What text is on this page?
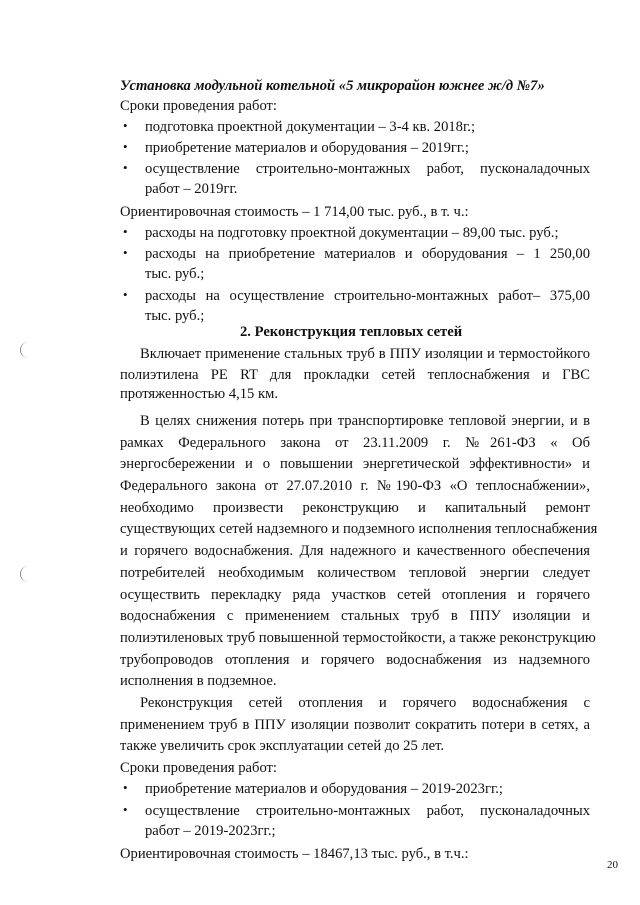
Установка модульной котельной «5 микрорайон южнее ж/д №7»
Сроки проведения работ:
• подготовка проектной документации – 3-4 кв. 2018г.;
• приобретение материалов и оборудования – 2019гг.;
• осуществление строительно-монтажных работ, пусконаладочных
работ – 2019гг.
Ориентировочная стоимость – 1 714,00 тыс. руб., в т. ч.:
• расходы на подготовку проектной документации – 89,00 тыс. руб.;
• расходы на приобретение материалов и оборудования – 1 250,00
тыс. руб.;
• расходы на осуществление строительно-монтажных работ– 375,00
тыс. руб.;
2. Реконструкция тепловых сетей
Включает применение стальных труб в ППУ изоляции и термостойкого
полиэтилена PE RT для прокладки сетей теплоснабжения и ГВС
протяженностью 4,15 км.
В целях снижения потерь при транспортировке тепловой энергии, и в
рамках Федерального закона от 23.11.2009 г. №261-ФЗ « Об
энергосбережении и о повышении энергетической эффективности» и
Федерального закона от 27.07.2010 г. №190-ФЗ «О теплоснабжении»,
необходимо произвести реконструкцию и капитальный ремонт
существующих сетей надземного и подземного исполнения теплоснабжения
и горячего водоснабжения. Для надежного и качественного обеспечения
потребителей необходимым количеством тепловой энергии следует
осуществить перекладку ряда участков сетей отопления и горячего
водоснабжения с применением стальных труб в ППУ изоляции и
полиэтиленовых труб повышенной термостойкости, а также реконструкцию
трубопроводов отопления и горячего водоснабжения из надземного
исполнения в подземное.
Реконструкция сетей отопления и горячего водоснабжения с
применением труб в ППУ изоляции позволит сократить потери в сетях, а
также увеличить срок эксплуатации сетей до 25 лет.
Сроки проведения работ:
• приобретение материалов и оборудования – 2019-2023гг.;
• осуществление строительно-монтажных работ, пусконаладочных
работ – 2019-2023гг.;
Ориентировочная стоимость – 18467,13 тыс. руб., в т.ч.:
20
